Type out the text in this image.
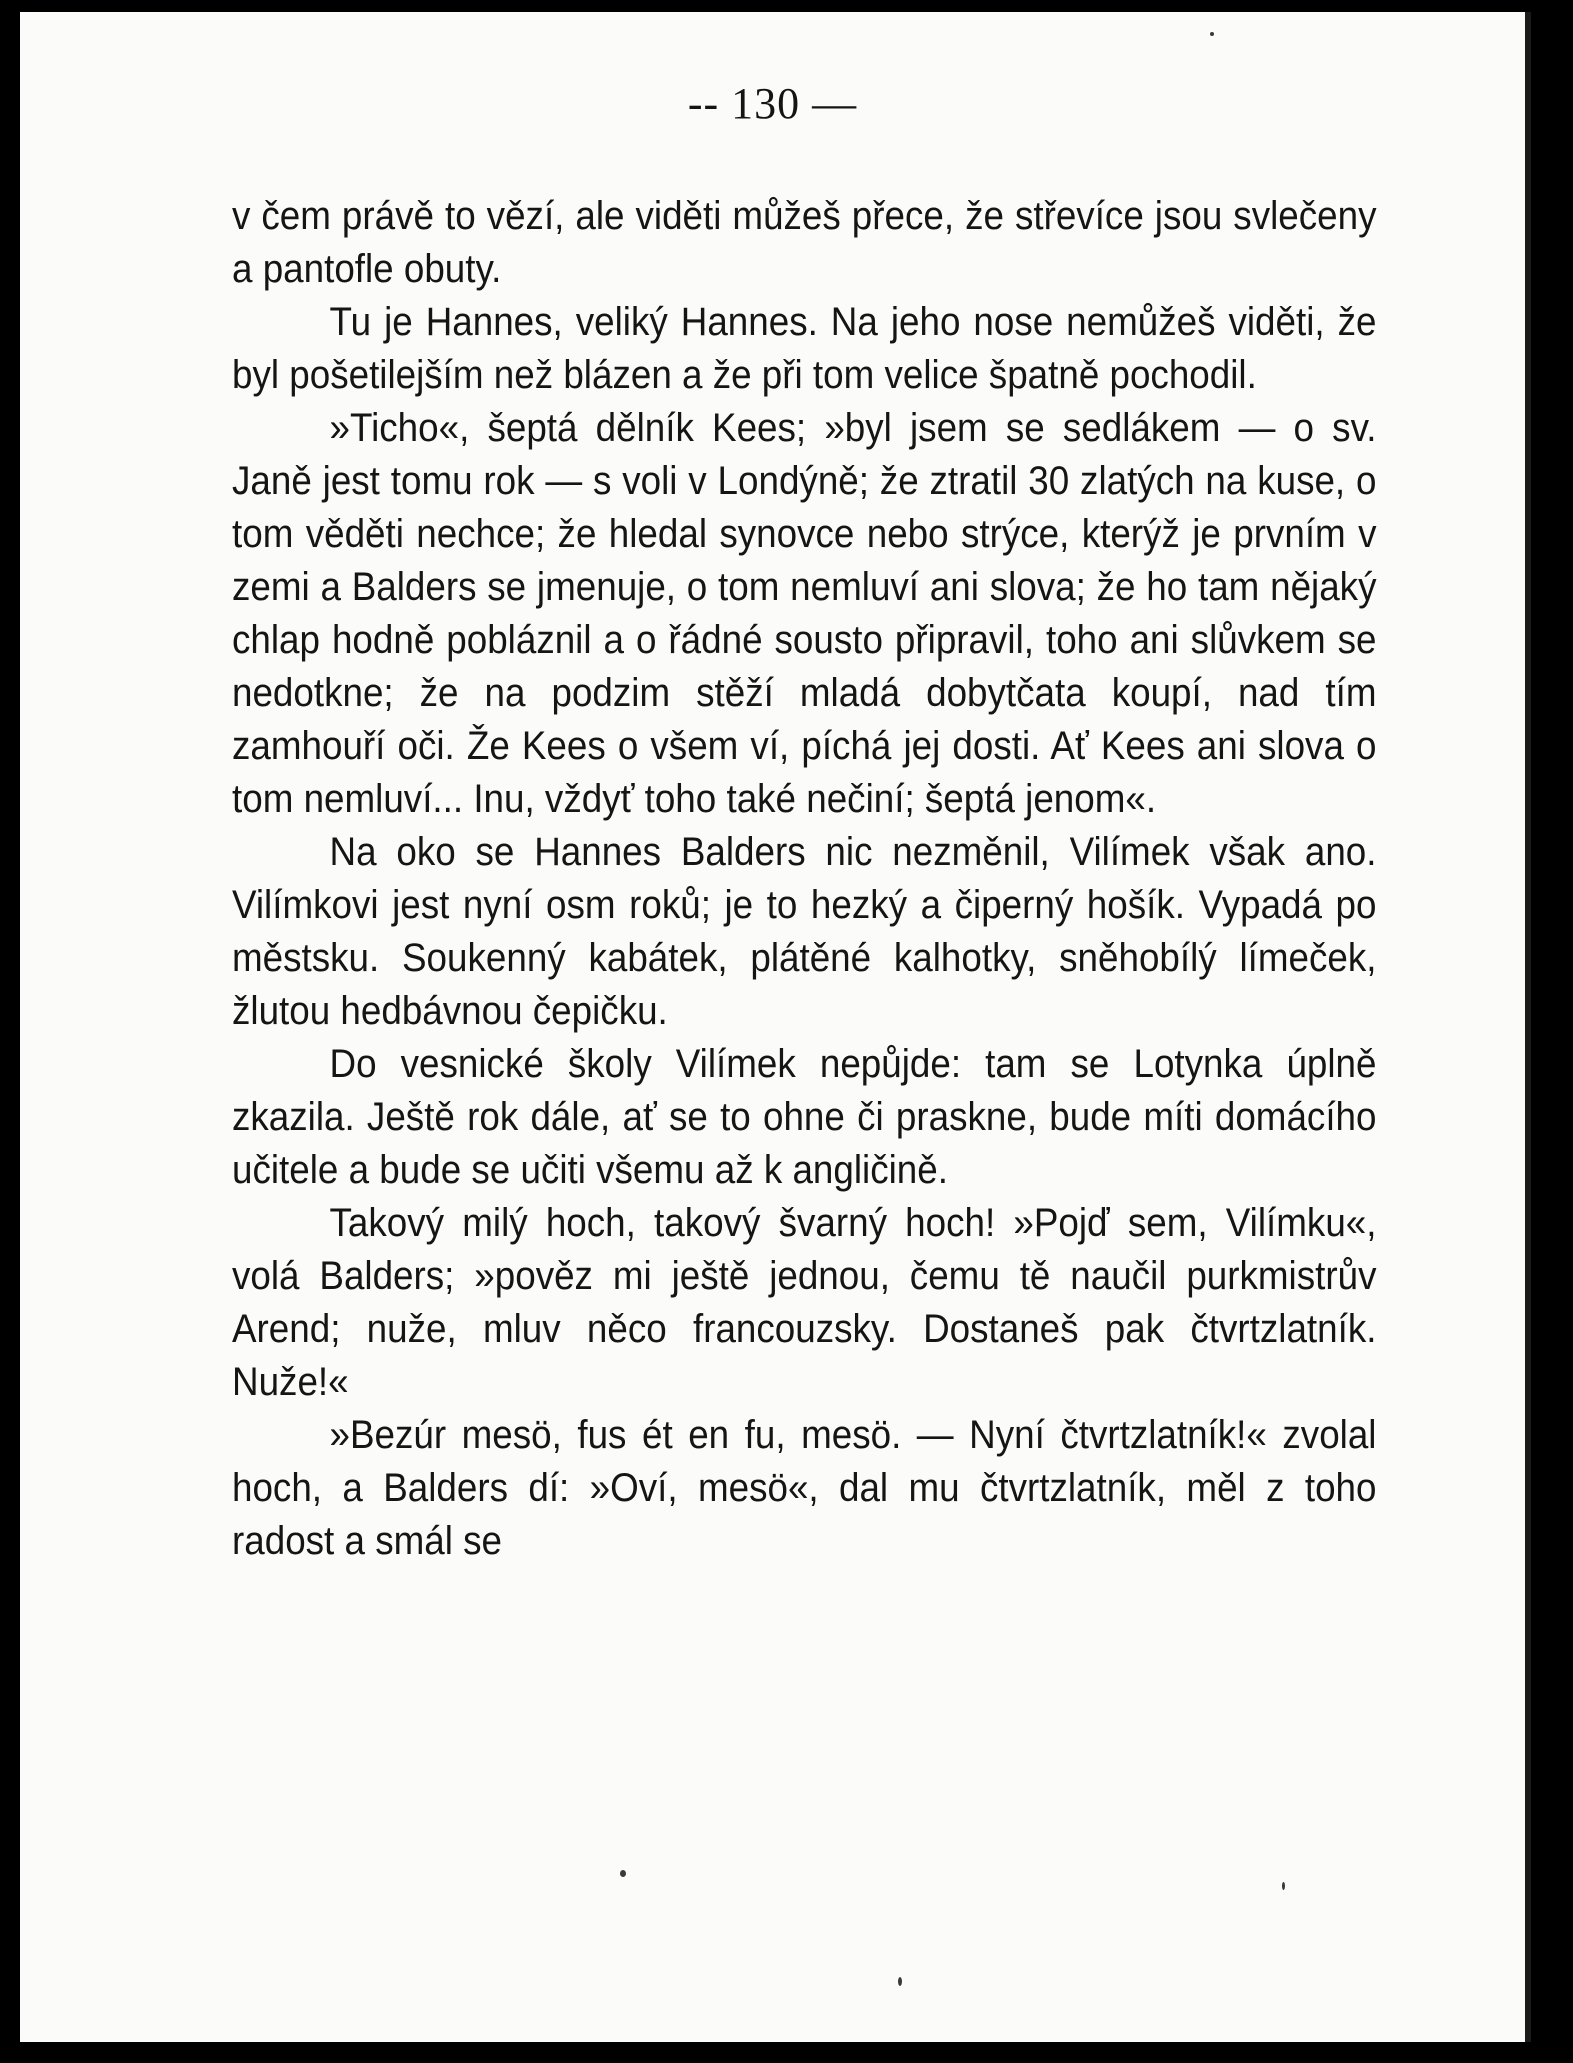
-- 130 —

v čem právě to vězí, ale viděti můžeš přece, že střevíce jsou svlečeny a pantofle obuty.

Tu je Hannes, veliký Hannes. Na jeho nose nemůžeš viděti, že byl pošetilejším než blázen a že při tom velice špatně pochodil.

»Ticho«, šeptá dělník Kees; »byl jsem se sedlákem — o sv. Janě jest tomu rok — s voli v Londýně; že ztratil 30 zlatých na kuse, o tom věděti nechce; že hledal synovce nebo strýce, kterýž je prvním v zemi a Balders se jmenuje, o tom nemluví ani slova; že ho tam nějaký chlap hodně pobláznil a o řádné sousto připravil, toho ani slůvkem se nedotkne; že na podzim stěží mladá dobytčata koupí, nad tím zamhouří oči. Že Kees o všem ví, píchá jej dosti. Ať Kees ani slova o tom nemluví... Inu, vždyť toho také nečiní; šeptá jenom«.

Na oko se Hannes Balders nic nezměnil, Vilímek však ano. Vilímkovi jest nyní osm roků; je to hezký a čiperný hošík. Vypadá po městsku. Soukenný kabátek, plátěné kalhotky, sněhobílý límeček, žlutou hedbávnou čepičku.

Do vesnické školy Vilímek nepůjde: tam se Lotynka úplně zkazila. Ještě rok dále, ať se to ohne či praskne, bude míti domácího učitele a bude se učiti všemu až k angličině.

Takový milý hoch, takový švarný hoch! »Pojď sem, Vilímku«, volá Balders; »pověz mi ještě jednou, čemu tě naučil purkmistrův Arend; nuže, mluv něco francouzsky. Dostaneš pak čtvrtzlatník. Nuže!«

»Bezúr mesö, fus ét en fu, mesö. — Nyní čtvrtzlatník!« zvolal hoch, a Balders dí: »Oví, mesö«, dal mu čtvrtzlatník, měl z toho radost a smál se
